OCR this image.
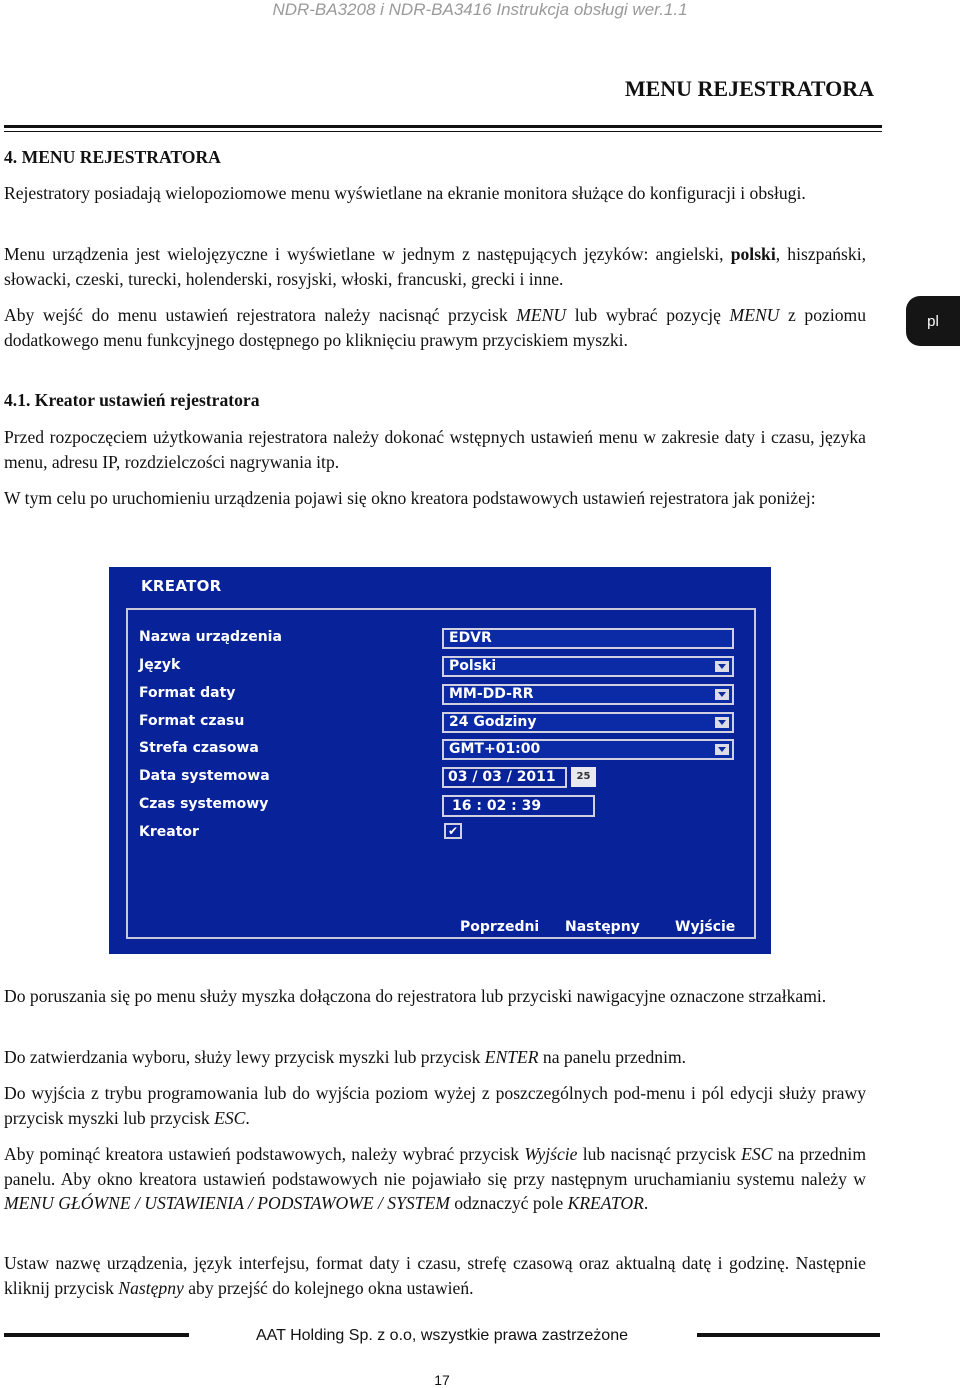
NDR-BA3208 i NDR-BA3416 Instrukcja obsługi wer.1.1
MENU REJESTRATORA
pl
4. MENU REJESTRATORA
Rejestratory posiadają wielopoziomowe menu wyświetlane na ekranie monitora służące do konfiguracji i obsługi.
Menu urządzenia jest wielojęzyczne i wyświetlane w jednym z następujących języków: angielski, polski, hiszpański, słowacki, czeski, turecki, holenderski, rosyjski, włoski, francuski, grecki i inne.
Aby wejść do menu ustawień rejestratora należy nacisnąć przycisk MENU lub wybrać pozycję MENU z poziomu dodatkowego menu funkcyjnego dostępnego po kliknięciu prawym przyciskiem myszki.
4.1. Kreator ustawień rejestratora
Przed rozpoczęciem użytkowania rejestratora należy dokonać wstępnych ustawień menu w zakresie daty i czasu, języka menu, adresu IP, rozdzielczości nagrywania itp.
W tym celu po uruchomieniu urządzenia pojawi się okno kreatora podstawowych ustawień rejestratora jak poniżej:
KREATOR
Nazwa urządzenia
Język
Format daty
Format czasu
Strefa czasowa
Data systemowa
Czas systemowy
Kreator
EDVR
Polski
MM-DD-RR
24 Godziny
GMT+01:00
03 / 03 / 2011	25
16 : 02 : 39
✔
Poprzedni Następny	Wyjście
Do poruszania się po menu służy myszka dołączona do rejestratora lub przyciski nawigacyjne oznaczone strzałkami.
Do zatwierdzania wyboru, służy lewy przycisk myszki lub przycisk ENTER na panelu przednim.
Do wyjścia z trybu programowania lub do wyjścia poziom wyżej z poszczególnych pod-menu i pól edycji służy prawy przycisk myszki lub przycisk ESC.
Aby pominąć kreatora ustawień podstawowych, należy wybrać przycisk Wyjście lub nacisnąć przycisk ESC na przednim panelu. Aby okno kreatora ustawień podstawowych nie pojawiało się przy następnym uruchamianiu systemu należy w MENU GŁÓWNE / USTAWIENIA / PODSTAWOWE / SYSTEM odznaczyć pole KREATOR.
Ustaw nazwę urządzenia, język interfejsu, format daty i czasu, strefę czasową oraz aktualną datę i godzinę. Następnie kliknij przycisk Następny aby przejść do kolejnego okna ustawień.
AAT Holding Sp. z o.o, wszystkie prawa zastrzeżone
17
